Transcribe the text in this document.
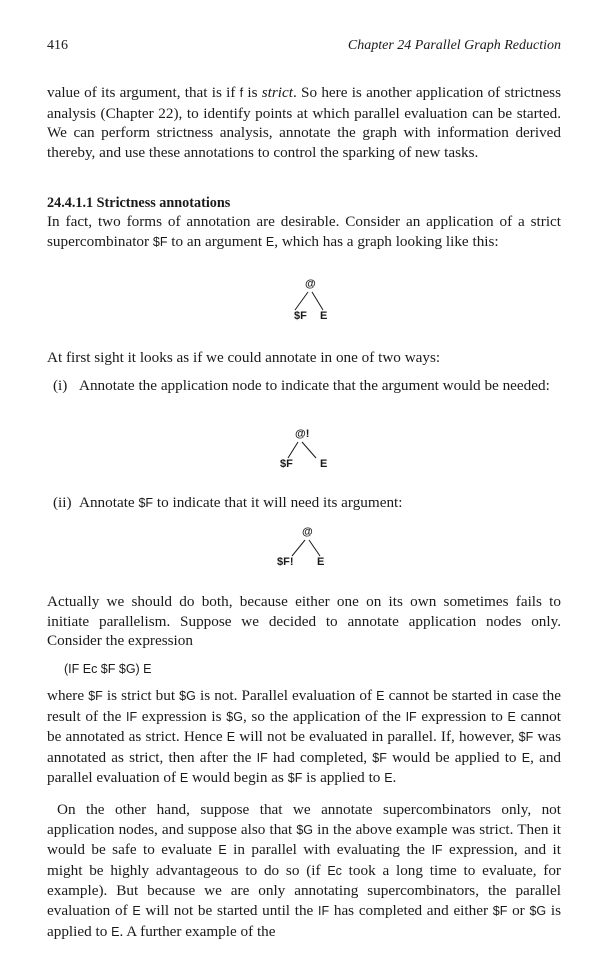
416	Chapter 24 Parallel Graph Reduction

value of its argument, that is if f is strict. So here is another application of strictness analysis (Chapter 22), to identify points at which parallel evaluation can be started. We can perform strictness analysis, annotate the graph with information derived thereby, and use these annotations to control the sparking of new tasks.

24.4.1.1 Strictness annotations

In fact, two forms of annotation are desirable. Consider an application of a strict supercombinator $F to an argument E, which has a graph looking like this:

@
$F E

At first sight it looks as if we could annotate in one of two ways:

(i) Annotate the application node to indicate that the argument would be needed:
@!
$F E
(ii) Annotate $F to indicate that it will need its argument:
@
$F! E

Actually we should do both, because either one on its own sometimes fails to initiate parallelism. Suppose we decided to annotate application nodes only. Consider the expression

(IF Eᴄ $F $G) E

where $F is strict but $G is not. Parallel evaluation of E cannot be started in case the result of the IF expression is $G, so the application of the IF expression to E cannot be annotated as strict. Hence E will not be evaluated in parallel. If, however, $F was annotated as strict, then after the IF had completed, $F would be applied to E, and parallel evaluation of E would begin as $F is applied to E.

On the other hand, suppose that we annotate supercombinators only, not application nodes, and suppose also that $G in the above example was strict. Then it would be safe to evaluate E in parallel with evaluating the IF expression, and it might be highly advantageous to do so (if Eᴄ took a long time to evaluate, for example). But because we are only annotating supercombinators, the parallel evaluation of E will not be started until the IF has completed and either $F or $G is applied to E. A further example of the
